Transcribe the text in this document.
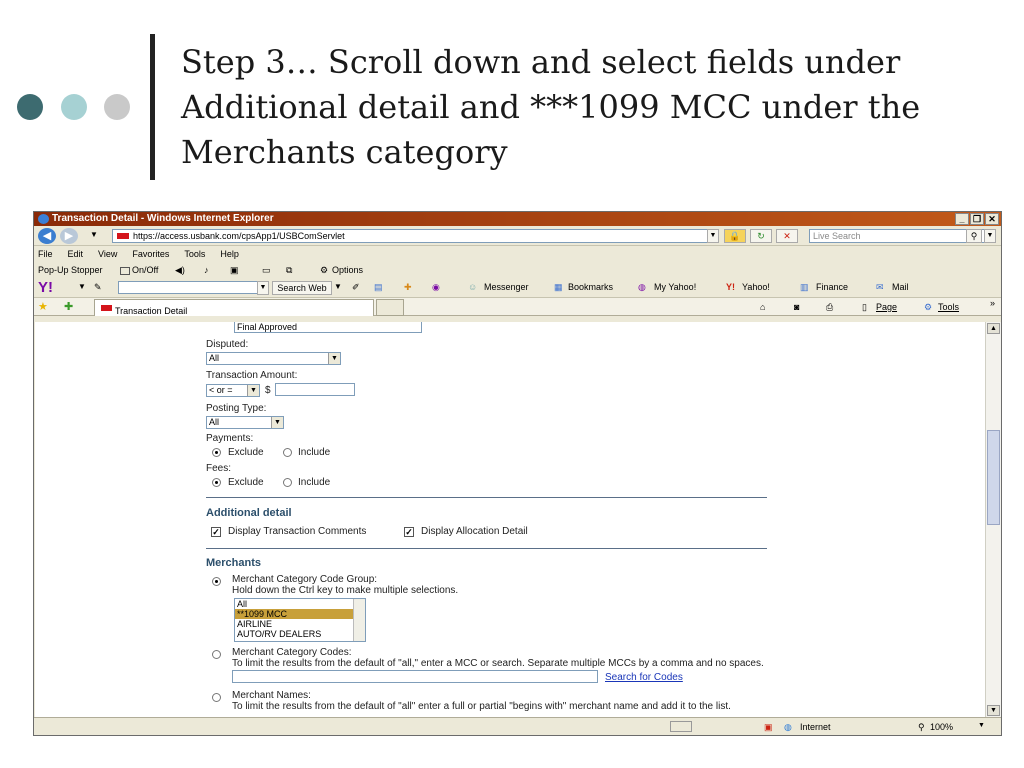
Step 3… Scroll down and select fields under Additional detail and ***1099 MCC under the Merchants category
Transaction Detail - Windows Internet Explorer	_ ❐ ✕
◀	▶	▼	https://access.usbank.com/cpsApp1/USBComServlet	▼	🔒	↻	✕	Live Search	⚲	▼
File Edit View Favorites Tools Help
Pop-Up Stopper	On/Off ◀) ♪ ▣	▭ ⧉	⚙ Options
Y!	▼ ✎	▼	Search Web ▼ ✐ ▤ ✚ ◉	☺ Messenger	▦ Bookmarks	◍ My Yahoo!	Y! Yahoo!	▥ Finance	✉ Mail
★ ✚	Transaction Detail	⌂	◙	⎙	▯ Page	⚙ Tools	»
Final Approved
Disputed:
All	▼
Transaction Amount:
< or =	▼ $
Posting Type:
All	▼
Payments:
Exclude	Include
Fees:
Exclude	Include
Additional detail
✓ Display Transaction Comments	✓ Display Allocation Detail
Merchants
Merchant Category Code Group:
Hold down the Ctrl key to make multiple selections.
All
**1099 MCC
AIRLINE
AUTO/RV DEALERS
Merchant Category Codes:
To limit the results from the default of "all," enter a MCC or search. Separate multiple MCCs by a comma and no spaces.
Search for Codes
Merchant Names:
To limit the results from the default of "all" enter a full or partial "begins with" merchant name and add it to the list.
▲
▼
▣ ◍ Internet	⚲ 100%	▼
